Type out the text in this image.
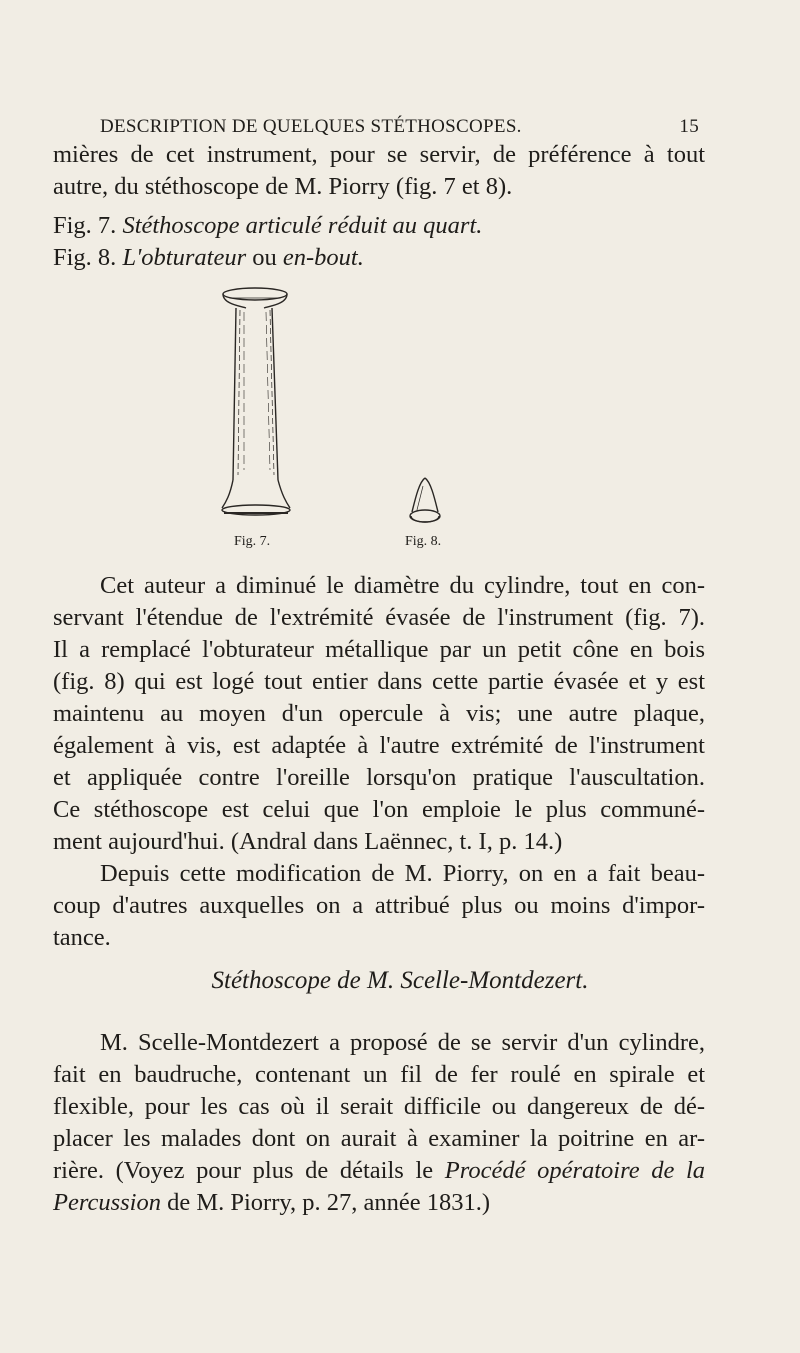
DESCRIPTION DE QUELQUES STÉTHOSCOPES.	15
mières de cet instrument, pour se servir, de préférence à tout
autre, du stéthoscope de M. Piorry (fig. 7 et 8).
Fig. 7. Stéthoscope articulé réduit au quart.
Fig. 8. L'obturateur ou en-bout.
Fig. 7.	Fig. 8.
Cet auteur a diminué le diamètre du cylindre, tout en con-
servant l'étendue de l'extrémité évasée de l'instrument (fig. 7).
Il a remplacé l'obturateur métallique par un petit cône en bois
(fig. 8) qui est logé tout entier dans cette partie évasée et y est
maintenu au moyen d'un opercule à vis; une autre plaque,
également à vis, est adaptée à l'autre extrémité de l'instrument
et appliquée contre l'oreille lorsqu'on pratique l'auscultation.
Ce stéthoscope est celui que l'on emploie le plus communé-
ment aujourd'hui. (Andral dans Laënnec, t. I, p. 14.)
Depuis cette modification de M. Piorry, on en a fait beau-
coup d'autres auxquelles on a attribué plus ou moins d'impor-
tance.
Stéthoscope de M. Scelle-Montdezert.
M. Scelle-Montdezert a proposé de se servir d'un cylindre,
fait en baudruche, contenant un fil de fer roulé en spirale et
flexible, pour les cas où il serait difficile ou dangereux de dé-
placer les malades dont on aurait à examiner la poitrine en ar-
rière. (Voyez pour plus de détails le Procédé opératoire de la
Percussion de M. Piorry, p. 27, année 1831.)
